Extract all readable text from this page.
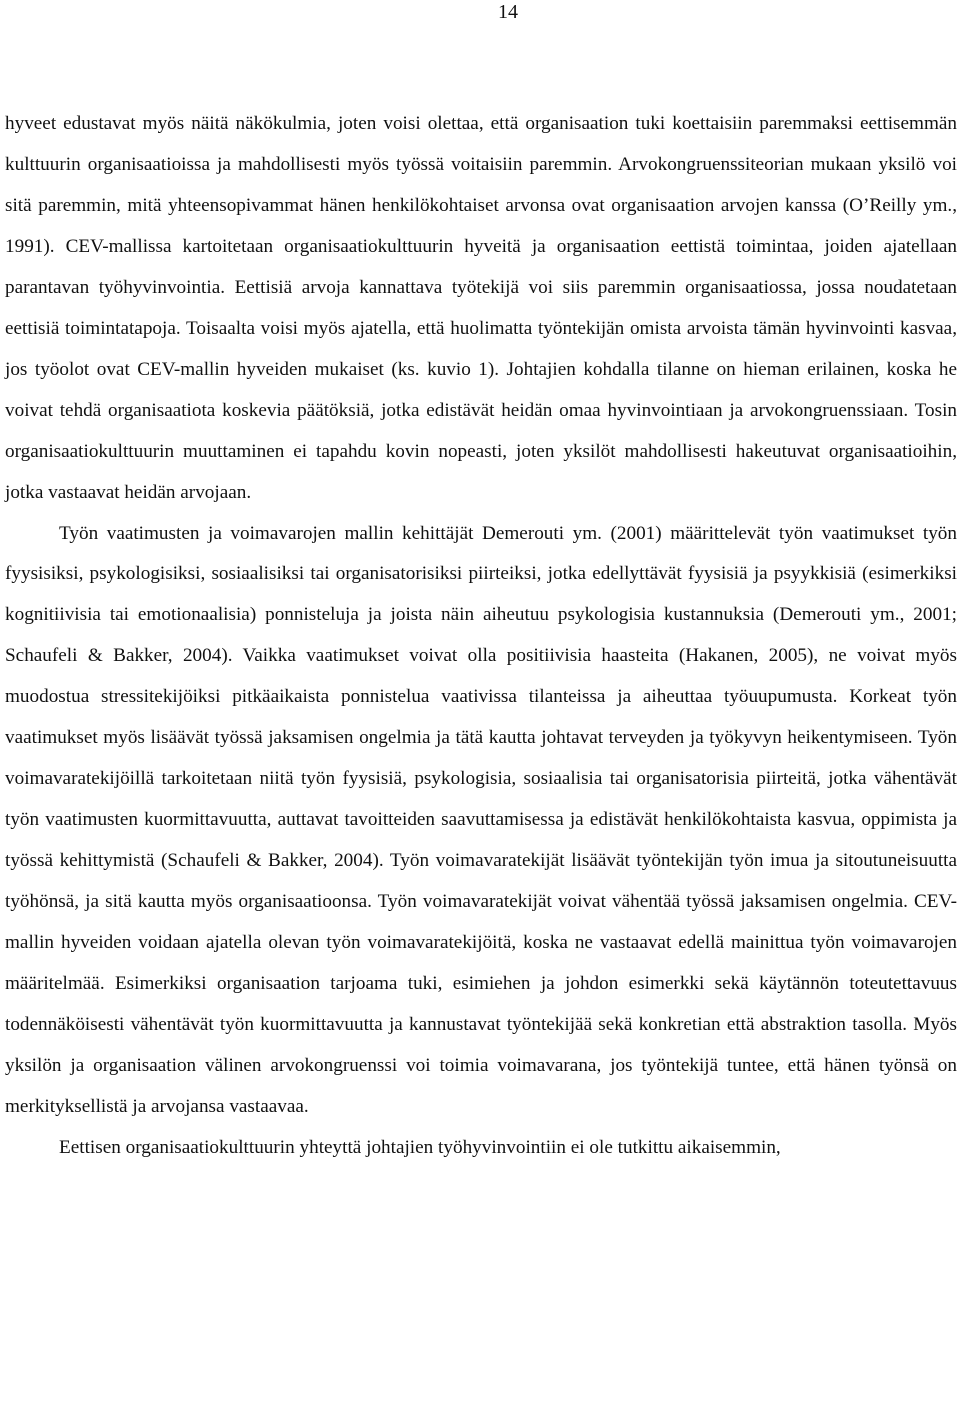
14

hyveet edustavat myös näitä näkökulmia, joten voisi olettaa, että organisaation tuki koettaisiin paremmaksi eettisemmän kulttuurin organisaatioissa ja mahdollisesti myös työssä voitaisiin paremmin. Arvokongruenssiteorian mukaan yksilö voi sitä paremmin, mitä yhteensopivammat hänen henkilökohtaiset arvonsa ovat organisaation arvojen kanssa (O’Reilly ym., 1991). CEV-mallissa kartoitetaan organisaatiokulttuurin hyveitä ja organisaation eettistä toimintaa, joiden ajatellaan parantavan työhyvinvointia. Eettisiä arvoja kannattava työtekijä voi siis paremmin organisaatiossa, jossa noudatetaan eettisiä toimintatapoja. Toisaalta voisi myös ajatella, että huolimatta työntekijän omista arvoista tämän hyvinvointi kasvaa, jos työolot ovat CEV-mallin hyveiden mukaiset (ks. kuvio 1). Johtajien kohdalla tilanne on hieman erilainen, koska he voivat tehdä organisaatiota koskevia päätöksiä, jotka edistävät heidän omaa hyvinvointiaan ja arvokongruenssiaan. Tosin organisaatiokulttuurin muuttaminen ei tapahdu kovin nopeasti, joten yksilöt mahdollisesti hakeutuvat organisaatioihin, jotka vastaavat heidän arvojaan.

Työn vaatimusten ja voimavarojen mallin kehittäjät Demerouti ym. (2001) määrittelevät työn vaatimukset työn fyysisiksi, psykologisiksi, sosiaalisiksi tai organisatorisiksi piirteiksi, jotka edellyttävät fyysisiä ja psyykkisiä (esimerkiksi kognitiivisia tai emotionaalisia) ponnisteluja ja joista näin aiheutuu psykologisia kustannuksia (Demerouti ym., 2001; Schaufeli & Bakker, 2004). Vaikka vaatimukset voivat olla positiivisia haasteita (Hakanen, 2005), ne voivat myös muodostua stressitekijöiksi pitkäaikaista ponnistelua vaativissa tilanteissa ja aiheuttaa työuupumusta. Korkeat työn vaatimukset myös lisäävät työssä jaksamisen ongelmia ja tätä kautta johtavat terveyden ja työkyvyn heikentymiseen. Työn voimavaratekijöillä tarkoitetaan niitä työn fyysisiä, psykologisia, sosiaalisia tai organisatorisia piirteitä, jotka vähentävät työn vaatimusten kuormittavuutta, auttavat tavoitteiden saavuttamisessa ja edistävät henkilökohtaista kasvua, oppimista ja työssä kehittymistä (Schaufeli & Bakker, 2004). Työn voimavaratekijät lisäävät työntekijän työn imua ja sitoutuneisuutta työhönsä, ja sitä kautta myös organisaatioonsa. Työn voimavaratekijät voivat vähentää työssä jaksamisen ongelmia. CEV-mallin hyveiden voidaan ajatella olevan työn voimavaratekijöitä, koska ne vastaavat edellä mainittua työn voimavarojen määritelmää. Esimerkiksi organisaation tarjoama tuki, esimiehen ja johdon esimerkki sekä käytännön toteutettavuus todennäköisesti vähentävät työn kuormittavuutta ja kannustavat työntekijää sekä konkretian että abstraktion tasolla. Myös yksilön ja organisaation välinen arvokongruenssi voi toimia voimavarana, jos työntekijä tuntee, että hänen työnsä on merkityksellistä ja arvojansa vastaavaa.

Eettisen organisaatiokulttuurin yhteyttä johtajien työhyvinvointiin ei ole tutkittu aikaisemmin,
